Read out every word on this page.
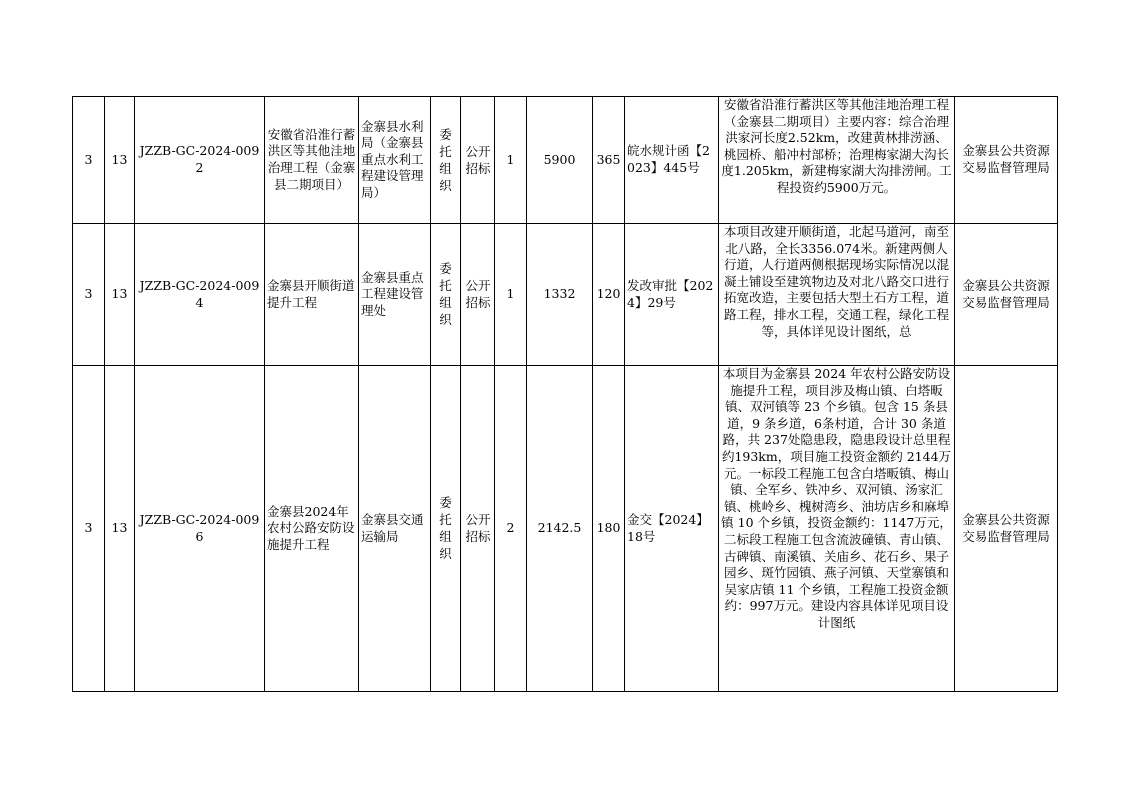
3	13	JZZB-GC-2024-0092	安徽省沿淮行蓄洪区等其他洼地治理工程（金寨县二期项目）	金寨县水利局（金寨县重点水利工程建设管理局）	委托组织	公开招标	1	5900	365	皖水规计函【2023】445号	安徽省沿淮行蓄洪区等其他洼地治理工程（金寨县二期项目）主要内容：综合治理洪家河长度2.52km，改建黄林排涝涵、桃园桥、船冲村部桥；治理梅家湖大沟长度1.205km，新建梅家湖大沟排涝闸。工程投资约5900万元。	金寨县公共资源交易监督管理局
3	13	JZZB-GC-2024-0094	金寨县开顺街道提升工程	金寨县重点工程建设管理处	委托组织	公开招标	1	1332	120	发改审批【2024】29号	本项目改建开顺街道，北起马道河，南至北八路，全长3356.074米。新建两侧人行道，人行道两侧根据现场实际情况以混凝土铺设至建筑物边及对北八路交口进行拓宽改造，主要包括大型土石方工程，道路工程，排水工程，交通工程，绿化工程等，具体详见设计图纸，总	金寨县公共资源交易监督管理局
3	13	JZZB-GC-2024-0096	金寨县2024年农村公路安防设施提升工程	金寨县交通运输局	委托组织	公开招标	2	2142.5	180	金交【2024】18号	本项目为金寨县 2024 年农村公路安防设施提升工程，项目涉及梅山镇、白塔畈镇、双河镇等 23 个乡镇。包含 15 条县道，9 条乡道，6条村道，合计 30 条道路，共 237处隐患段，隐患段设计总里程约193km，项目施工投资金额约 2144万元。一标段工程施工包含白塔畈镇、梅山镇、全军乡、铁冲乡、双河镇、汤家汇镇、桃岭乡、槐树湾乡、油坊店乡和麻埠镇 10 个乡镇，投资金额约：1147万元，二标段工程施工包含流波䃥镇、青山镇、古碑镇、南溪镇、关庙乡、花石乡、果子园乡、斑竹园镇、燕子河镇、天堂寨镇和吴家店镇 11 个乡镇，工程施工投资金额约：997万元。建设内容具体详见项目设计图纸	金寨县公共资源交易监督管理局
